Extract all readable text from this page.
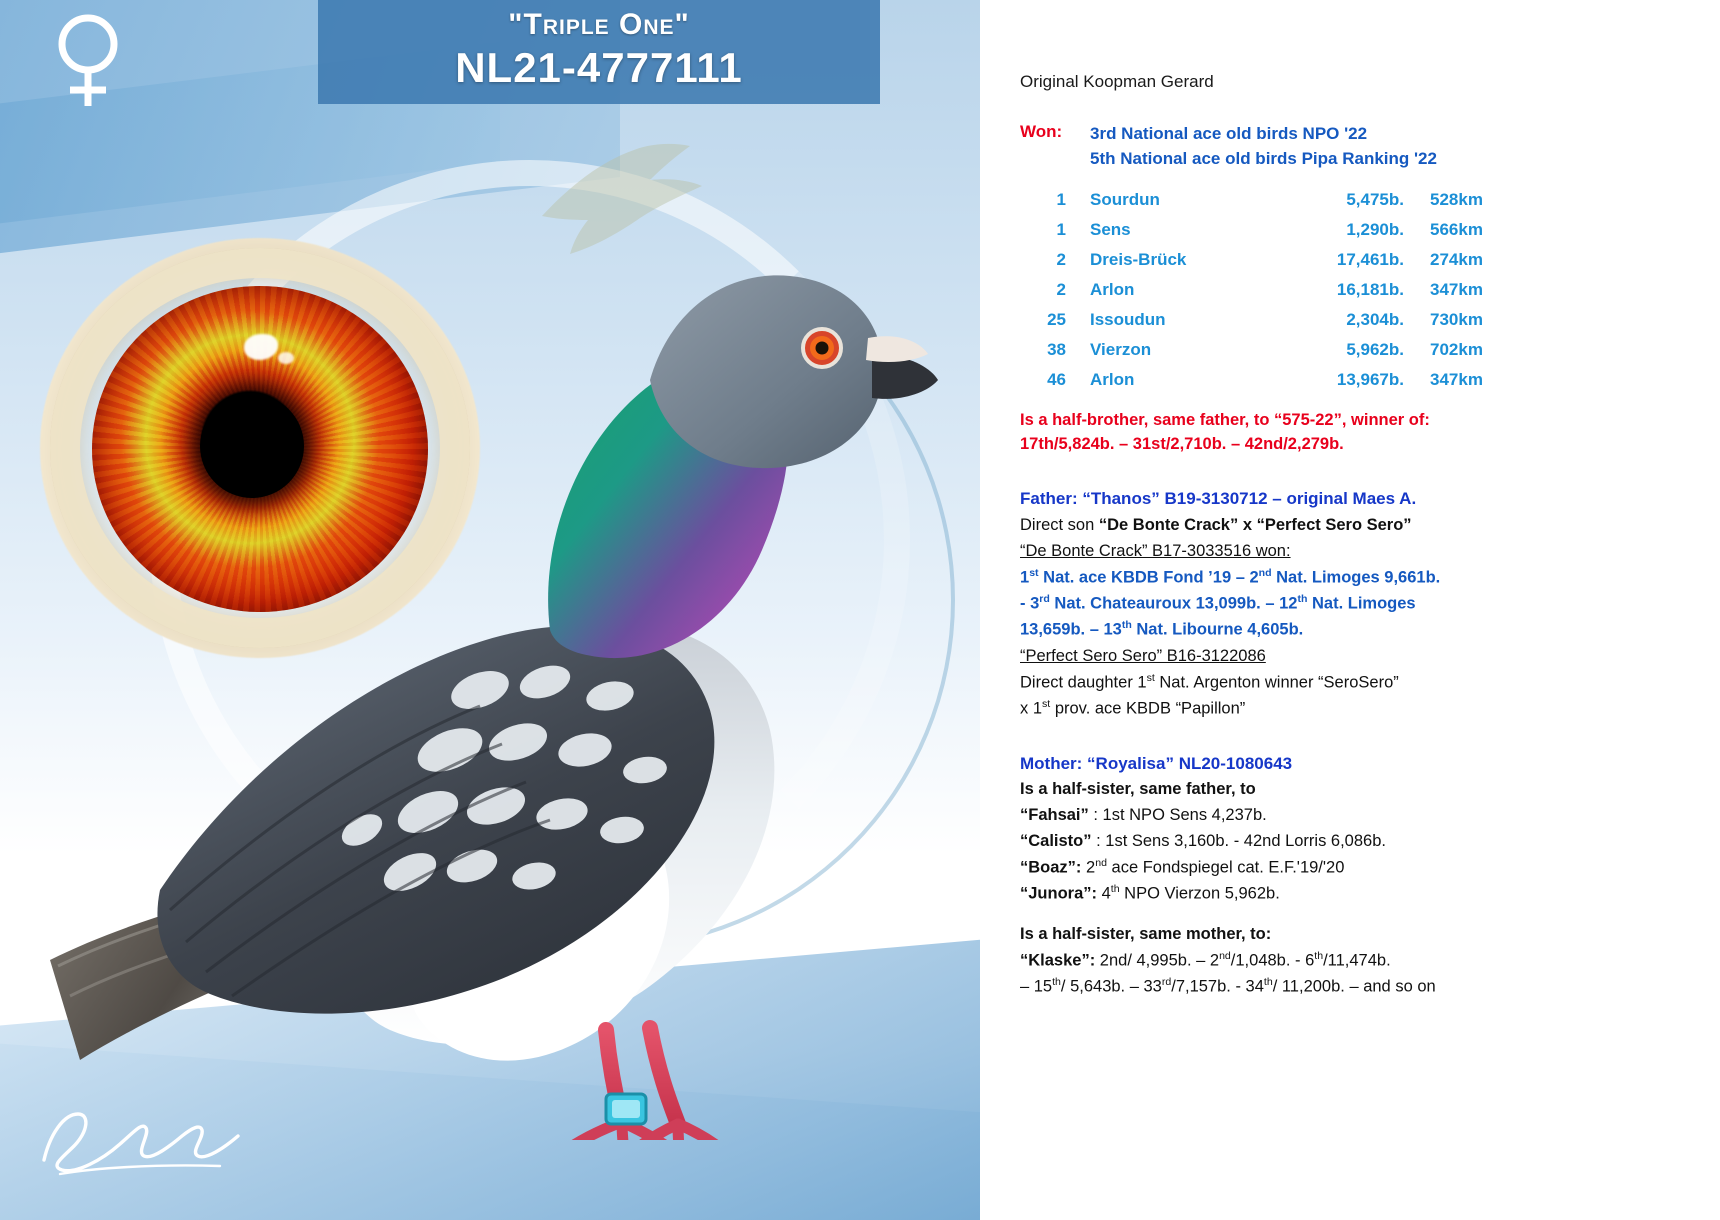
"Triple One"
NL21-4777111	Original Koopman Gerard
Won:	3rd National ace old birds NPO '22
5th National ace old birds Pipa Ranking '22
1	Sourdun	5,475b.	528km
1	Sens	1,290b.	566km
2	Dreis-Brück	17,461b.	274km
2	Arlon	16,181b.	347km
25	Issoudun	2,304b.	730km
38	Vierzon	5,962b.	702km
46	Arlon	13,967b.	347km
Is a half-brother, same father, to “575-22”, winner of:
17th/5,824b. – 31st/2,710b. – 42nd/2,279b.
Father: “Thanos” B19-3130712 – original Maes A.
Direct son “De Bonte Crack” x “Perfect Sero Sero”
“De Bonte Crack” B17-3033516 won:
1st Nat. ace KBDB Fond ’19 – 2nd Nat. Limoges 9,661b.
- 3rd Nat. Chateauroux 13,099b. – 12th Nat. Limoges
13,659b. – 13th Nat. Libourne 4,605b.
“Perfect Sero Sero” B16-3122086
Direct daughter 1st Nat. Argenton winner “SeroSero”
x 1st prov. ace KBDB “Papillon”
Mother: “Royalisa” NL20-1080643
Is a half-sister, same father, to
“Fahsai” : 1st NPO Sens 4,237b.
“Calisto” : 1st Sens 3,160b. - 42nd Lorris 6,086b.
“Boaz”: 2nd ace Fondspiegel cat. E.F.'19/'20
“Junora”: 4th NPO Vierzon 5,962b.
Is a half-sister, same mother, to:
“Klaske”: 2nd/ 4,995b. – 2nd/1,048b. - 6th/11,474b.
– 15th/ 5,643b. – 33rd/7,157b. - 34th/ 11,200b. – and so on
